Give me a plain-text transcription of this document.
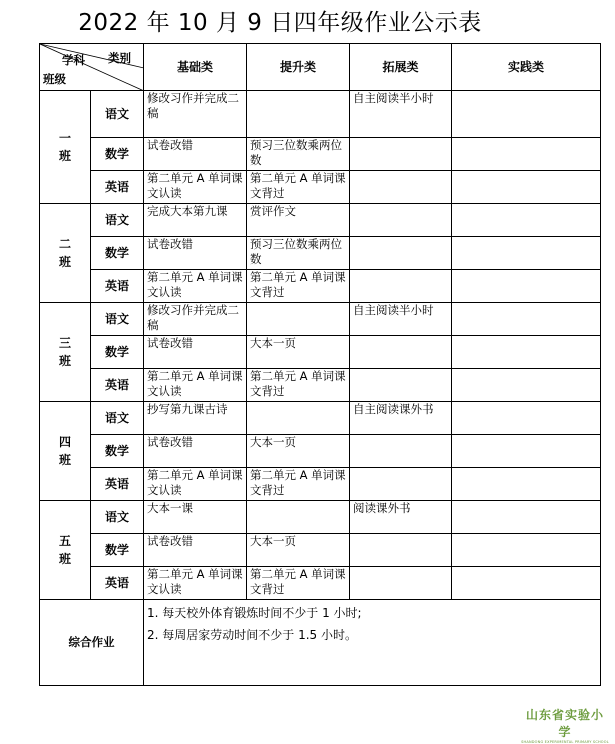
2022 年 10 月 9 日四年级作业公示表
学科 类别
班级		基础类	提升类	拓展类	实践类
一
班	语文	修改习作并完成二稿		自主阅读半小时	
	数学	试卷改错	预习三位数乘两位数		
	英语	第二单元 A 单词课文认读	第二单元 A 单词课文背过		
二
班	语文	完成大本第九课	赏评作文		
	数学	试卷改错	预习三位数乘两位数		
	英语	第二单元 A 单词课文认读	第二单元 A 单词课文背过		
三
班	语文	修改习作并完成二稿		自主阅读半小时	
	数学	试卷改错	大本一页		
	英语	第二单元 A 单词课文认读	第二单元 A 单词课文背过		
四
班	语文	抄写第九课古诗		自主阅读课外书	
	数学	试卷改错	大本一页		
	英语	第二单元 A 单词课文认读	第二单元 A 单词课文背过		
五
班	语文	大本一课		阅读课外书	
	数学	试卷改错	大本一页		
	英语	第二单元 A 单词课文认读	第二单元 A 单词课文背过		
综合作业		1. 每天校外体育锻炼时间不少于 1 小时;
2. 每周居家劳动时间不少于 1.5 小时。			
山东省实验小学
SHANDONG EXPERIMENTAL PRIMARY SCHOOL
